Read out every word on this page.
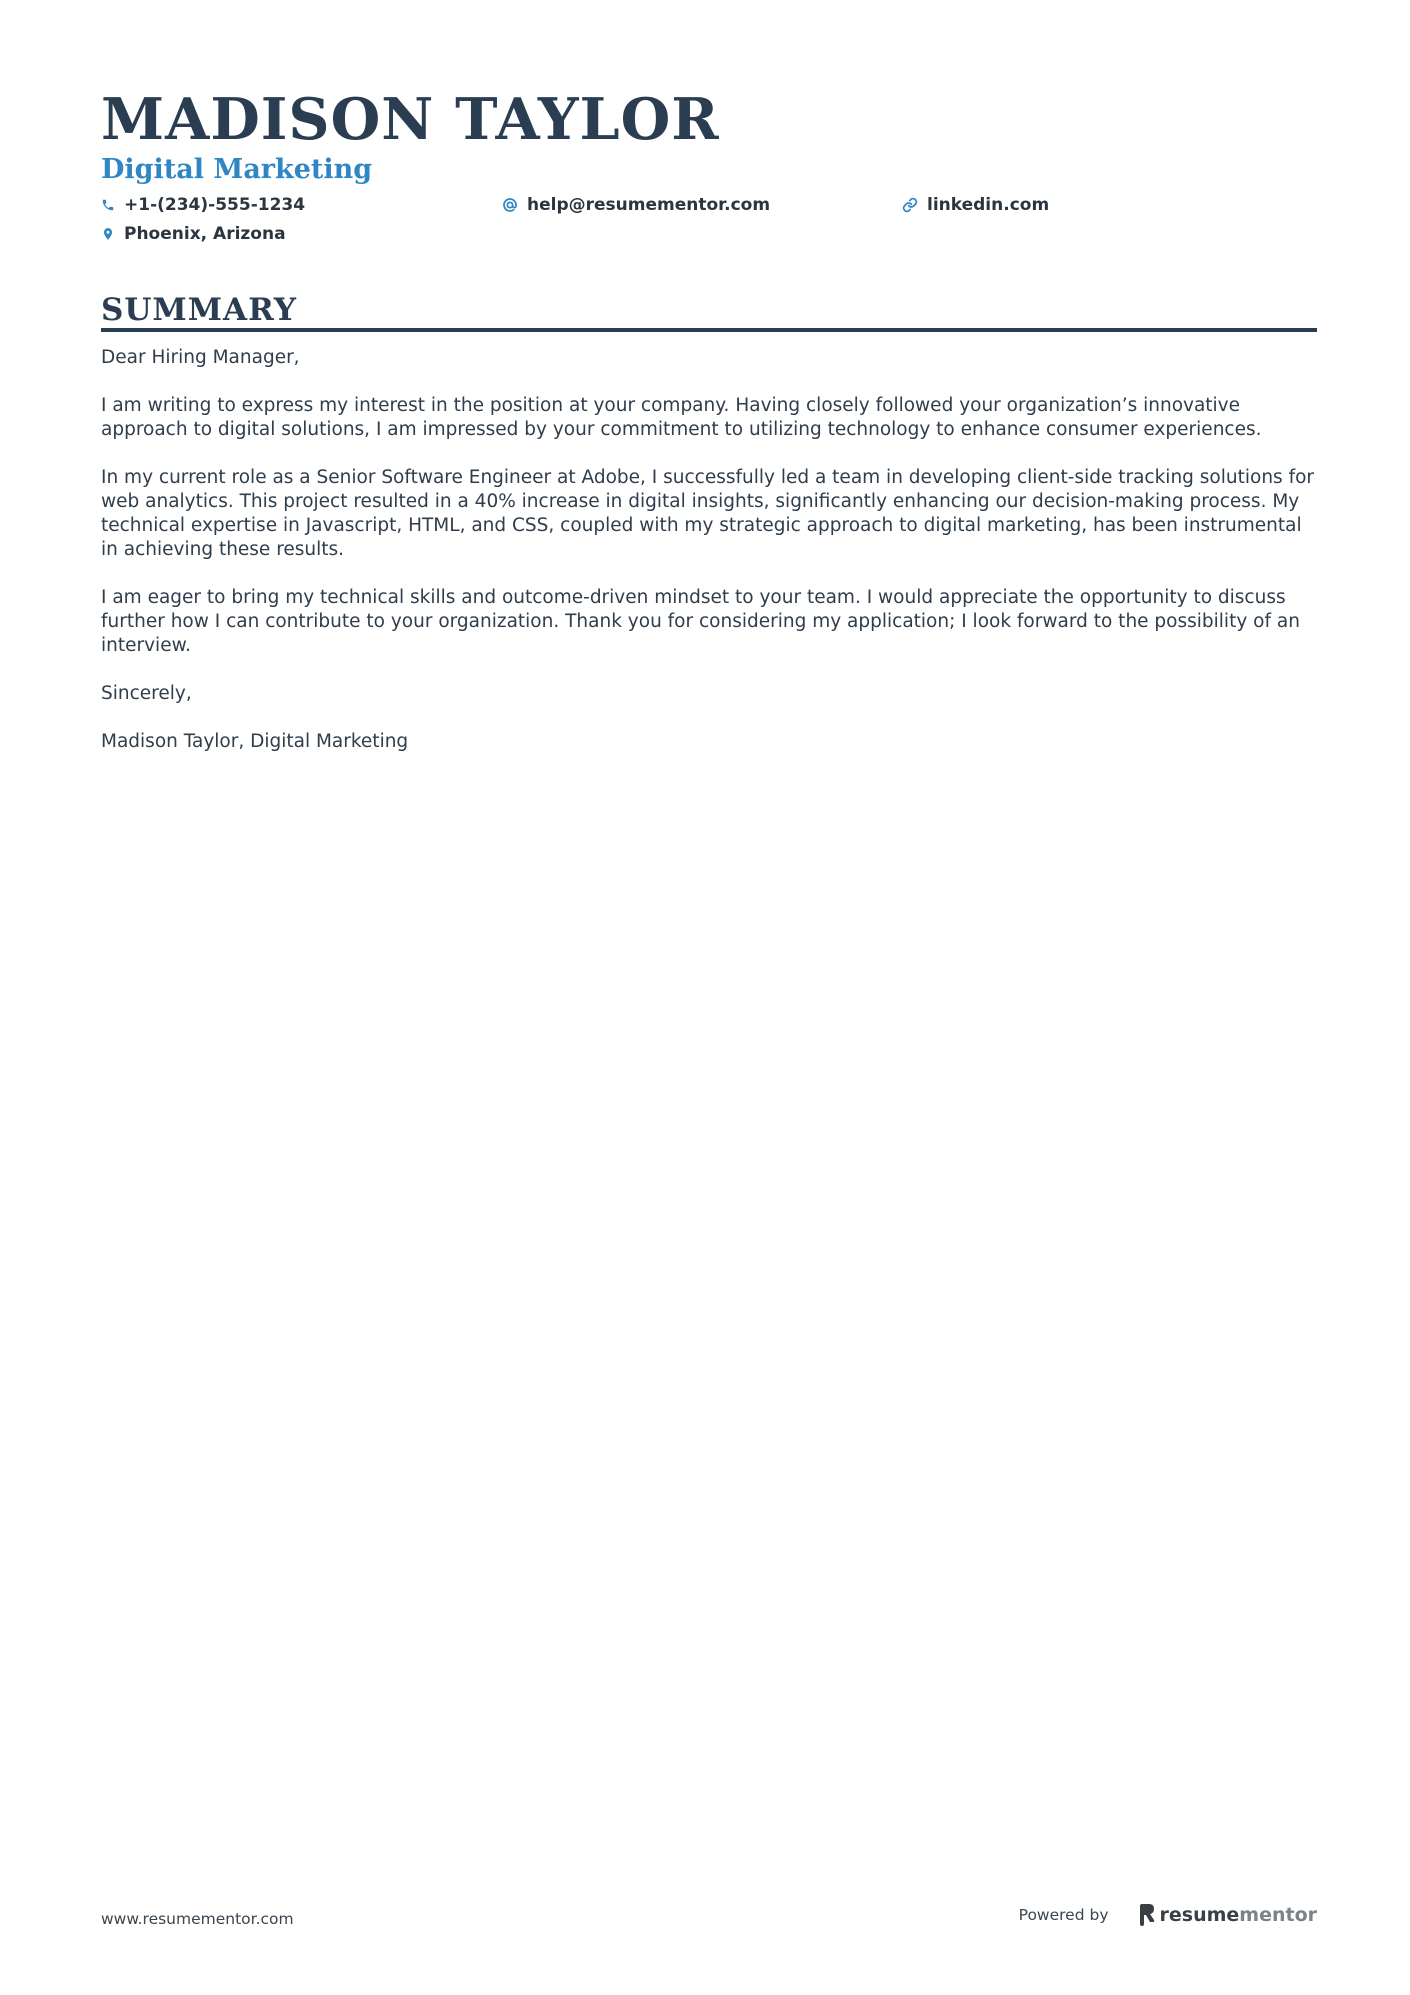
MADISON TAYLOR
Digital Marketing
+1-(234)-555-1234	help@resumementor.com	linkedin.com
Phoenix, Arizona
SUMMARY

Dear Hiring Manager,

I am writing to express my interest in the position at your company. Having closely followed your organization’s innovative approach to digital solutions, I am impressed by your commitment to utilizing technology to enhance consumer experiences.

In my current role as a Senior Software Engineer at Adobe, I successfully led a team in developing client-side tracking solutions for web analytics. This project resulted in a 40% increase in digital insights, significantly enhancing our decision-making process. My technical expertise in Javascript, HTML, and CSS, coupled with my strategic approach to digital marketing, has been instrumental in achieving these results.

I am eager to bring my technical skills and outcome-driven mindset to your team. I would appreciate the opportunity to discuss further how I can contribute to your organization. Thank you for considering my application; I look forward to the possibility of an interview.

Sincerely,

Madison Taylor, Digital Marketing

www.resumementor.com	Powered by	resumementor
